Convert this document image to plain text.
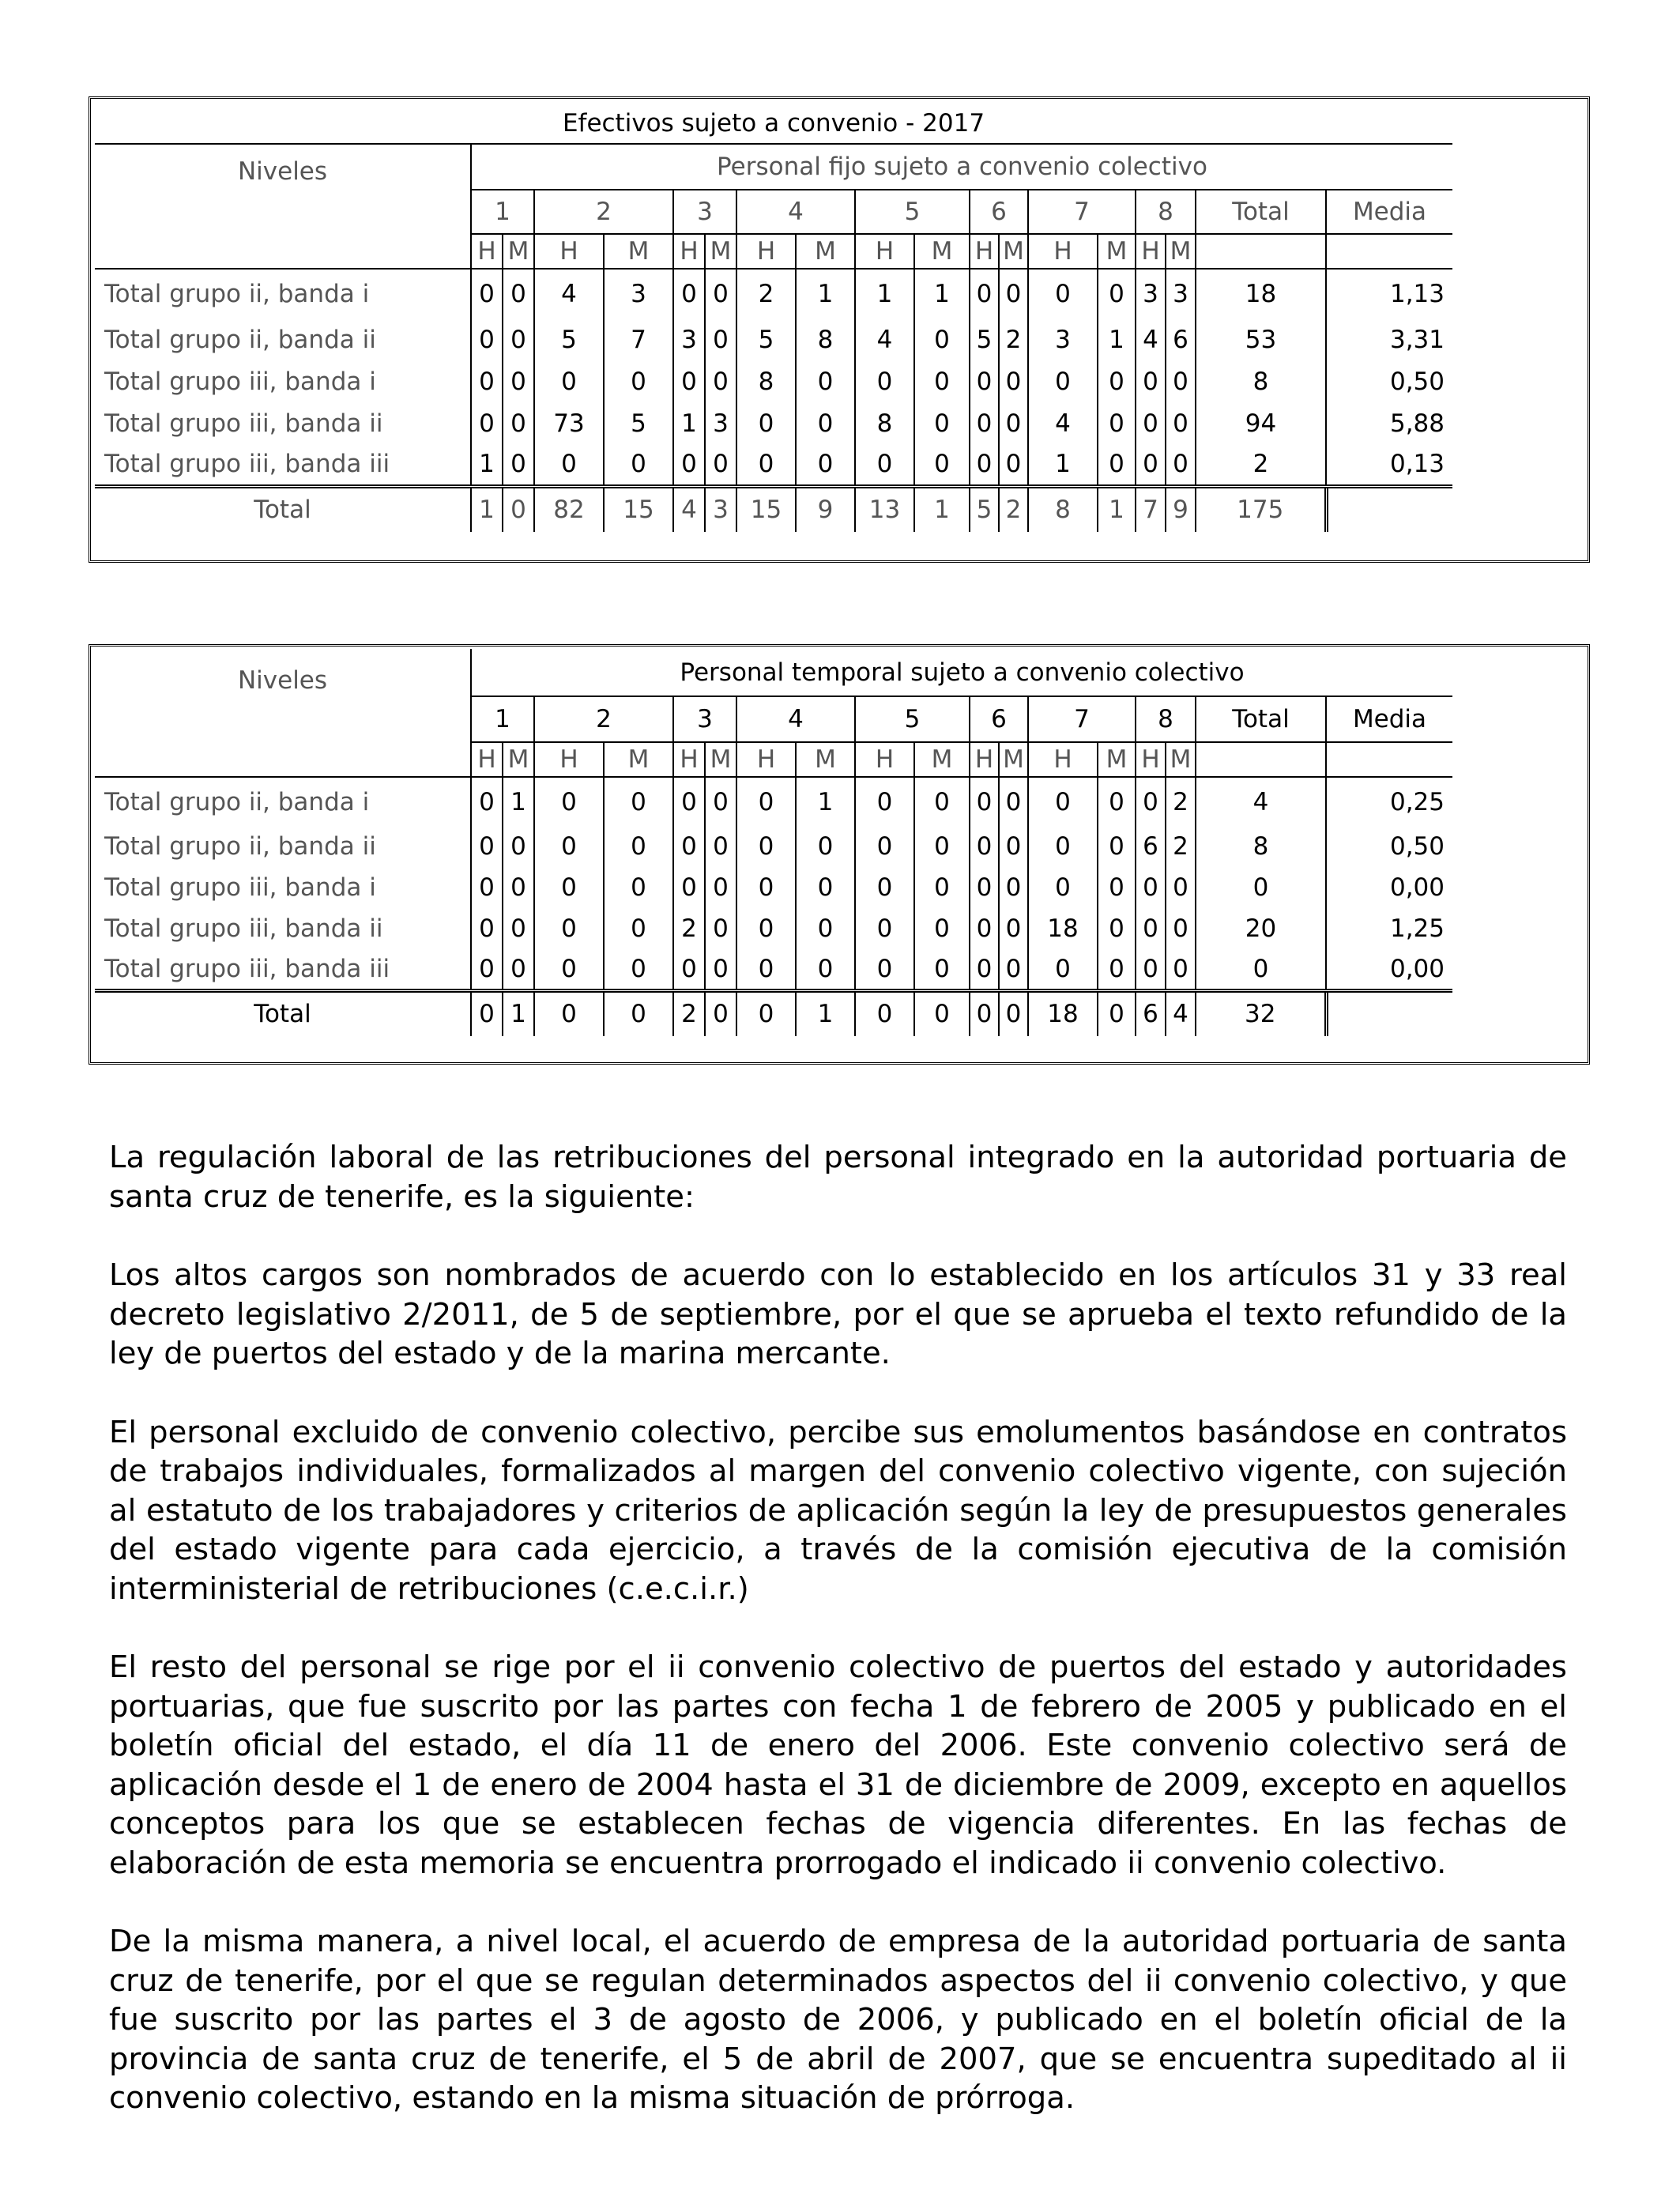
Efectivos sujeto a convenio - 2017																		
Niveles	Personal fijo sujeto a convenio colectivo																	
	1		2		3		4		5		6		7		8		Total	Media
	H	M	H	M	H	M	H	M	H	M	H	M	H	M	H	M		
Total grupo ii, banda i	0	0	4	3	0	0	2	1	1	1	0	0	0	0	3	3	18	1,13
Total grupo ii, banda ii	0	0	5	7	3	0	5	8	4	0	5	2	3	1	4	6	53	3,31
Total grupo iii, banda i	0	0	0	0	0	0	8	0	0	0	0	0	0	0	0	0	8	0,50
Total grupo iii, banda ii	0	0	73	5	1	3	0	0	8	0	0	0	4	0	0	0	94	5,88
Total grupo iii, banda iii	1	0	0	0	0	0	0	0	0	0	0	0	1	0	0	0	2	0,13
Total	1	0	82	15	4	3	15	9	13	1	5	2	8	1	7	9	175	
Niveles	Personal temporal sujeto a convenio colectivo																	
	1		2		3		4		5		6		7		8		Total	Media
	H	M	H	M	H	M	H	M	H	M	H	M	H	M	H	M		
Total grupo ii, banda i	0	1	0	0	0	0	0	1	0	0	0	0	0	0	0	2	4	0,25
Total grupo ii, banda ii	0	0	0	0	0	0	0	0	0	0	0	0	0	0	6	2	8	0,50
Total grupo iii, banda i	0	0	0	0	0	0	0	0	0	0	0	0	0	0	0	0	0	0,00
Total grupo iii, banda ii	0	0	0	0	2	0	0	0	0	0	0	0	18	0	0	0	20	1,25
Total grupo iii, banda iii	0	0	0	0	0	0	0	0	0	0	0	0	0	0	0	0	0	0,00
Total	0	1	0	0	2	0	0	1	0	0	0	0	18	0	6	4	32	

La regulación laboral de las retribuciones del personal integrado en la autoridad portuaria de santa cruz de tenerife, es la siguiente:

Los altos cargos son nombrados de acuerdo con lo establecido en los artículos 31 y 33 real decreto legislativo 2/2011, de 5 de septiembre, por el que se aprueba el texto refundido de la ley de puertos del estado y de la marina mercante.

El personal excluido de convenio colectivo, percibe sus emolumentos basándose en contratos de trabajos individuales, formalizados al margen del convenio colectivo vigente, con sujeción al estatuto de los trabajadores y criterios de aplicación según la ley de presupuestos generales del estado vigente para cada ejercicio, a través de la comisión ejecutiva de la comisión interministerial de retribuciones (c.e.c.i.r.)

El resto del personal se rige por el ii convenio colectivo de puertos del estado y autoridades portuarias, que fue suscrito por las partes con fecha 1 de febrero de 2005 y publicado en el boletín oficial del estado, el día 11 de enero del 2006. Este convenio colectivo será de aplicación desde el 1 de enero de 2004 hasta el 31 de diciembre de 2009, excepto en aquellos conceptos para los que se establecen fechas de vigencia diferentes. En las fechas de elaboración de esta memoria se encuentra prorrogado el indicado ii convenio colectivo.

De la misma manera, a nivel local, el acuerdo de empresa de la autoridad portuaria de santa cruz de tenerife, por el que se regulan determinados aspectos del ii convenio colectivo, y que fue suscrito por las partes el 3 de agosto de 2006, y publicado en el boletín oficial de la provincia de santa cruz de tenerife, el 5 de abril de 2007, que se encuentra supeditado al ii convenio colectivo, estando en la misma situación de prórroga.
